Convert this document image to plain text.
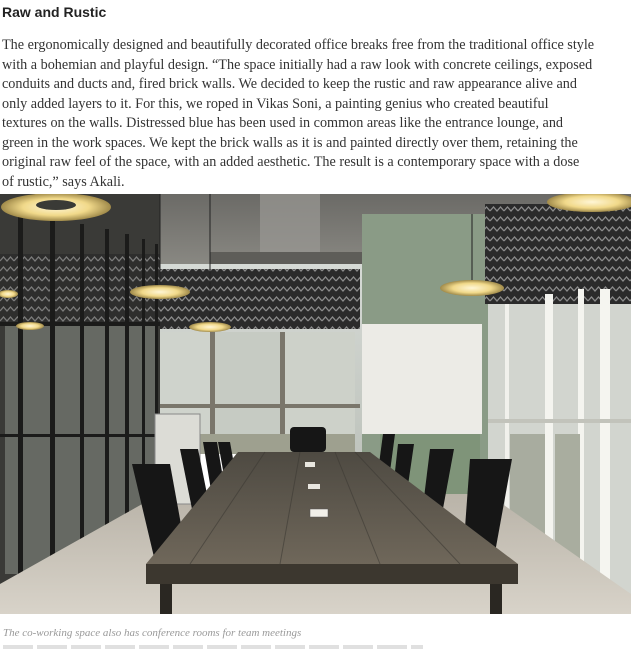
Raw and Rustic

The ergonomically designed and beautifully decorated office breaks free from the traditional office style
with a bohemian and playful design. “The space initially had a raw look with concrete ceilings, exposed
conduits and ducts and, fired brick walls. We decided to keep the rustic and raw appearance alive and
only added layers to it. For this, we roped in Vikas Soni, a painting genius who created beautiful
textures on the walls. Distressed blue has been used in common areas like the entrance lounge, and
green in the work spaces. We kept the brick walls as it is and painted directly over them, retaining the
original raw feel of the space, with an added aesthetic. The result is a contemporary space with a dose
of rustic,” says Akali.

The co-working space also has conference rooms for team meetings
